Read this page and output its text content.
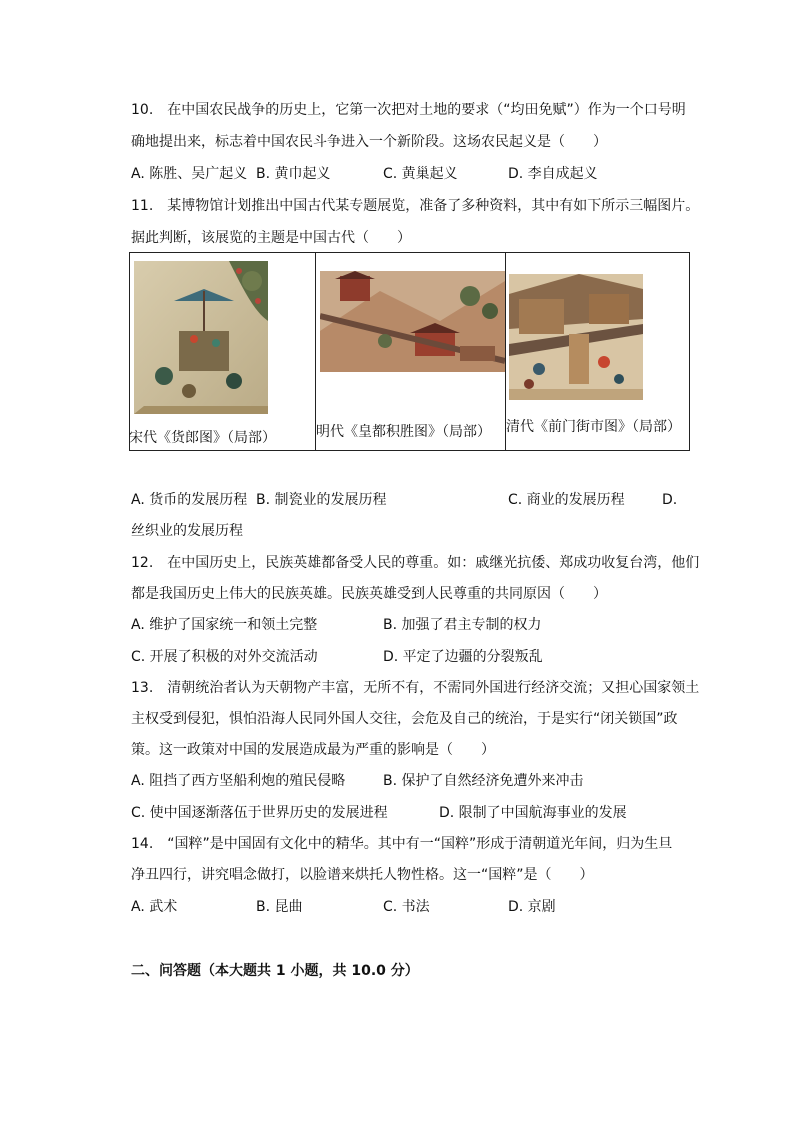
10.　在中国农民战争的历史上，它第一次把对土地的要求（“均田免赋”）作为一个口号明
确地提出来，标志着中国农民斗争进入一个新阶段。这场农民起义是（　　）
A. 陈胜、吴广起义 B. 黄巾起义	C. 黄巢起义	D. 李自成起义
11.　某博物馆计划推出中国古代某专题展览，准备了多种资料，其中有如下所示三幅图片。
据此判断，该展览的主题是中国古代（　　）
宋代《货郎图》（局部）	明代《皇都积胜图》（局部） 清代《前门街市图》（局部）
A. 货币的发展历程 B. 制瓷业的发展历程	C. 商业的发展历程	D.
丝织业的发展历程
12.　在中国历史上，民族英雄都备受人民的尊重。如：戚继光抗倭、郑成功收复台湾，他们
都是我国历史上伟大的民族英雄。民族英雄受到人民尊重的共同原因（　　）
A. 维护了国家统一和领土完整	B. 加强了君主专制的权力
C. 开展了积极的对外交流活动	D. 平定了边疆的分裂叛乱
13.　清朝统治者认为天朝物产丰富，无所不有，不需同外国进行经济交流；又担心国家领土
主权受到侵犯，惧怕沿海人民同外国人交往，会危及自己的统治，于是实行“闭关锁国”政
策。这一政策对中国的发展造成最为严重的影响是（　　）
A. 阻挡了西方坚船利炮的殖民侵略	B. 保护了自然经济免遭外来冲击
C. 使中国逐渐落伍于世界历史的发展进程	D. 限制了中国航海事业的发展
14.　“国粹”是中国固有文化中的精华。其中有一“国粹”形成于清朝道光年间，归为生旦
净丑四行，讲究唱念做打，以脸谱来烘托人物性格。这一“国粹”是（　　）
A. 武术	B. 昆曲	C. 书法	D. 京剧
二、问答题（本大题共 1 小题，共 10.0 分）
